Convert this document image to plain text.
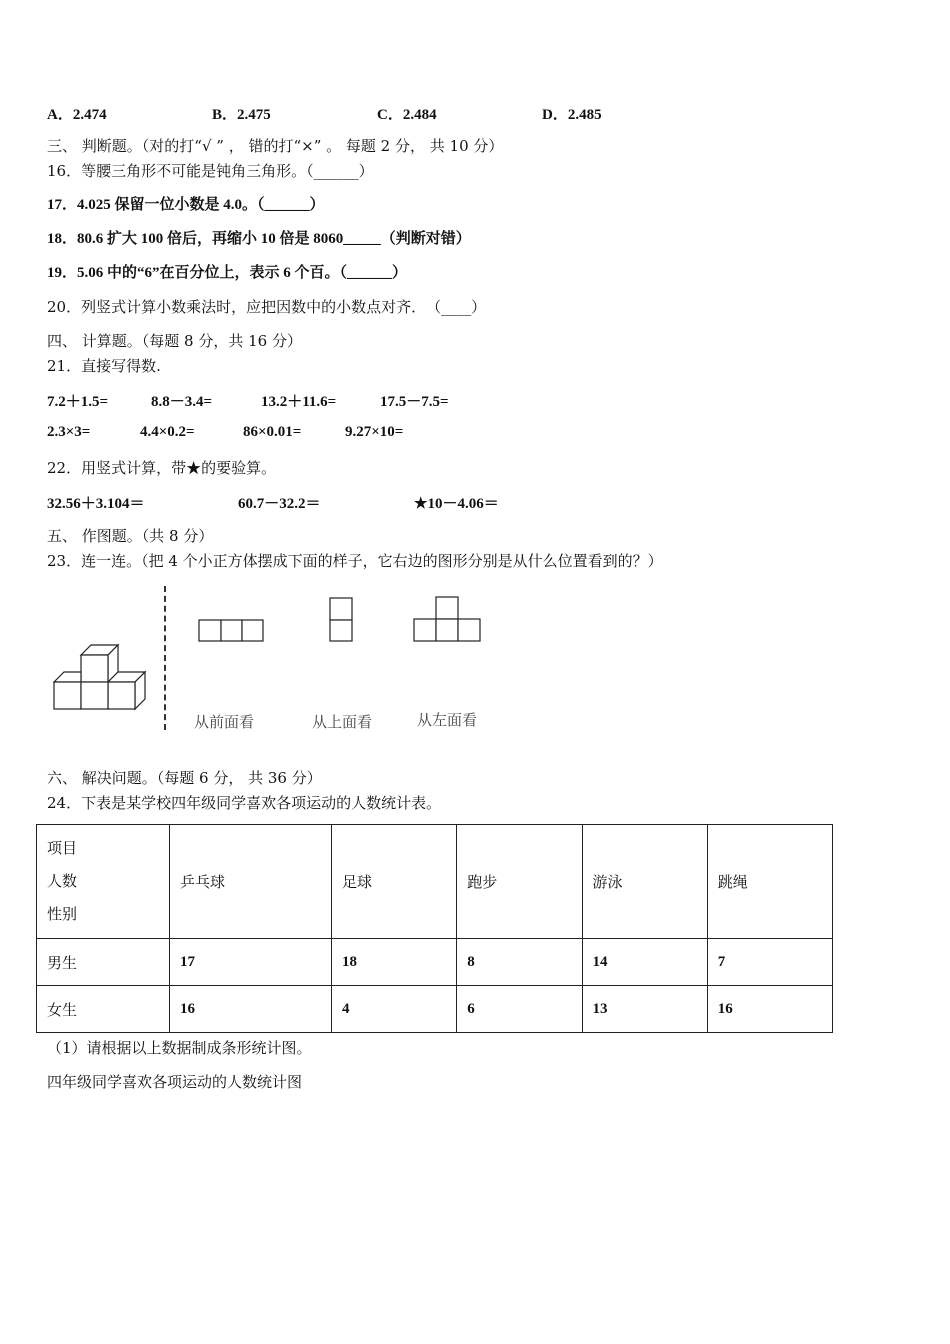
A．2.474	B．2.475	C．2.484	D．2.485
三、 判断题。（对的打“√ ” ， 错的打“×” 。 每题 2 分， 共 10 分）
16．等腰三角形不可能是钝角三角形。（______）
17．4.025 保留一位小数是 4.0。（______）
18．80.6 扩大 100 倍后，再缩小 10 倍是 8060_____（判断对错）
19．5.06 中的“6”在百分位上，表示 6 个百。（______）
20．列竖式计算小数乘法时，应把因数中的小数点对齐．　（____）
四、 计算题。（每题 8 分，共 16 分）
21．直接写得数.
7.2＋1.5=	8.8－3.4=	13.2＋11.6=	17.5－7.5=
2.3×3=	4.4×0.2=	86×0.01=	9.27×10=
22．用竖式计算，带★的要验算。
32.56＋3.104＝	60.7－32.2＝	★10－4.06＝
五、 作图题。（共 8 分）
23．连一连。（把 4 个小正方体摆成下面的样子，它右边的图形分别是从什么位置看到的？）
从前面看	从上面看	从左面看
六、 解决问题。（每题 6 分， 共 36 分）
24．下表是某学校四年级同学喜欢各项运动的人数统计表。
项目
人数
性别	乒乓球	足球	跑步	游泳	跳绳
男生	17	18	8	14	7
女生	16	4	6	13	16
（1）请根据以上数据制成条形统计图。
四年级同学喜欢各项运动的人数统计图
